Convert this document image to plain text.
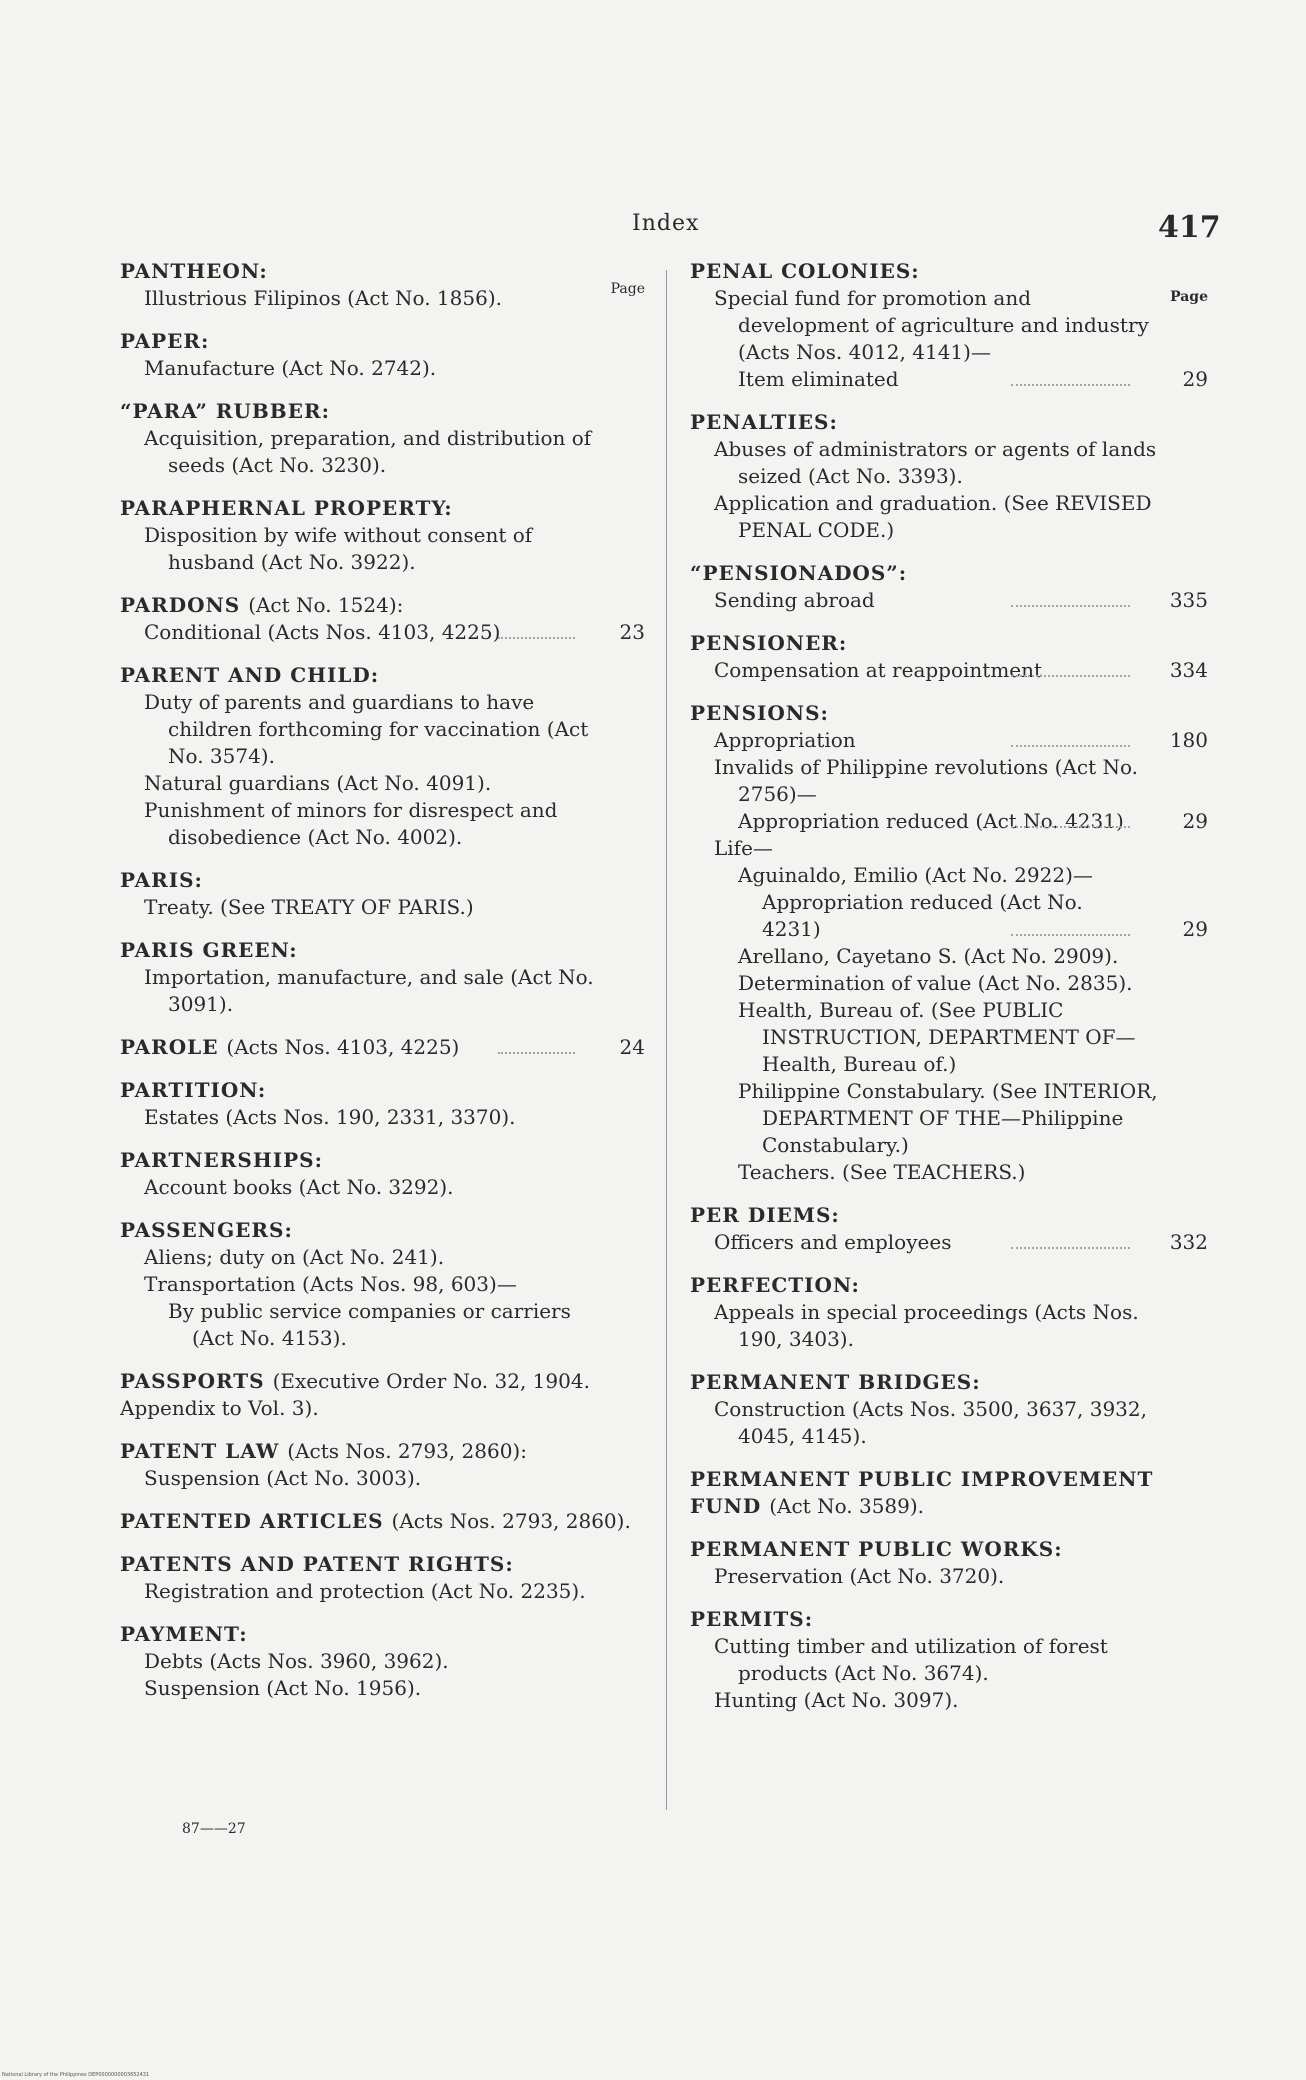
Index	417
Page
PANTHEON:
Illustrious Filipinos (Act No. 1856).
PAPER:
Manufacture (Act No. 2742).
“PARA” RUBBER:
Acquisition, preparation, and distribution of seeds (Act No. 3230).
PARAPHERNAL PROPERTY:
Disposition by wife without consent of husband (Act No. 3922).
PARDONS (Act No. 1524):
Conditional (Acts Nos. 4103, 4225)	23
PARENT AND CHILD:
Duty of parents and guardians to have children forthcoming for vaccination (Act No. 3574).
Natural guardians (Act No. 4091).
Punishment of minors for disrespect and disobedience (Act No. 4002).
PARIS:
Treaty. (See TREATY OF PARIS.)
PARIS GREEN:
Importation, manufacture, and sale (Act No. 3091).
PAROLE (Acts Nos. 4103, 4225)	24
PARTITION:
Estates (Acts Nos. 190, 2331, 3370).
PARTNERSHIPS:
Account books (Act No. 3292).
PASSENGERS:
Aliens; duty on (Act No. 241).
Transportation (Acts Nos. 98, 603)—
By public service companies or carriers (Act No. 4153).
PASSPORTS (Executive Order No. 32, 1904. Appendix to Vol. 3).
PATENT LAW (Acts Nos. 2793, 2860):
Suspension (Act No. 3003).
PATENTED ARTICLES (Acts Nos. 2793, 2860).
PATENTS AND PATENT RIGHTS:
Registration and protection (Act No. 2235).
PAYMENT:
Debts (Acts Nos. 3960, 3962).
Suspension (Act No. 1956).
Page
PENAL COLONIES:
Special fund for promotion and development of agriculture and industry (Acts Nos. 4012, 4141)—
Item eliminated	29
PENALTIES:
Abuses of administrators or agents of lands seized (Act No. 3393).
Application and graduation. (See REVISED PENAL CODE.)
“PENSIONADOS”:
Sending abroad	335
PENSIONER:
Compensation at reappointment	334
PENSIONS:
Appropriation	180
Invalids of Philippine revolutions (Act No. 2756)—
Appropriation reduced (Act No. 4231)	29
Life—
Aguinaldo, Emilio (Act No. 2922)— Appropriation reduced (Act No. 4231)	29
Arellano, Cayetano S. (Act No. 2909).
Determination of value (Act No. 2835).
Health, Bureau of. (See PUBLIC INSTRUCTION, DEPARTMENT OF—Health, Bureau of.)
Philippine Constabulary. (See INTERIOR, DEPARTMENT OF THE—Philippine Constabulary.)
Teachers. (See TEACHERS.)
PER DIEMS:
Officers and employees	332
PERFECTION:
Appeals in special proceedings (Acts Nos. 190, 3403).
PERMANENT BRIDGES:
Construction (Acts Nos. 3500, 3637, 3932, 4045, 4145).
PERMANENT PUBLIC IMPROVEMENT FUND (Act No. 3589).
PERMANENT PUBLIC WORKS:
Preservation (Act No. 3720).
PERMITS:
Cutting timber and utilization of forest products (Act No. 3674).
Hunting (Act No. 3097).
87——27
National Library of the Philippines DEP0000000003652431
